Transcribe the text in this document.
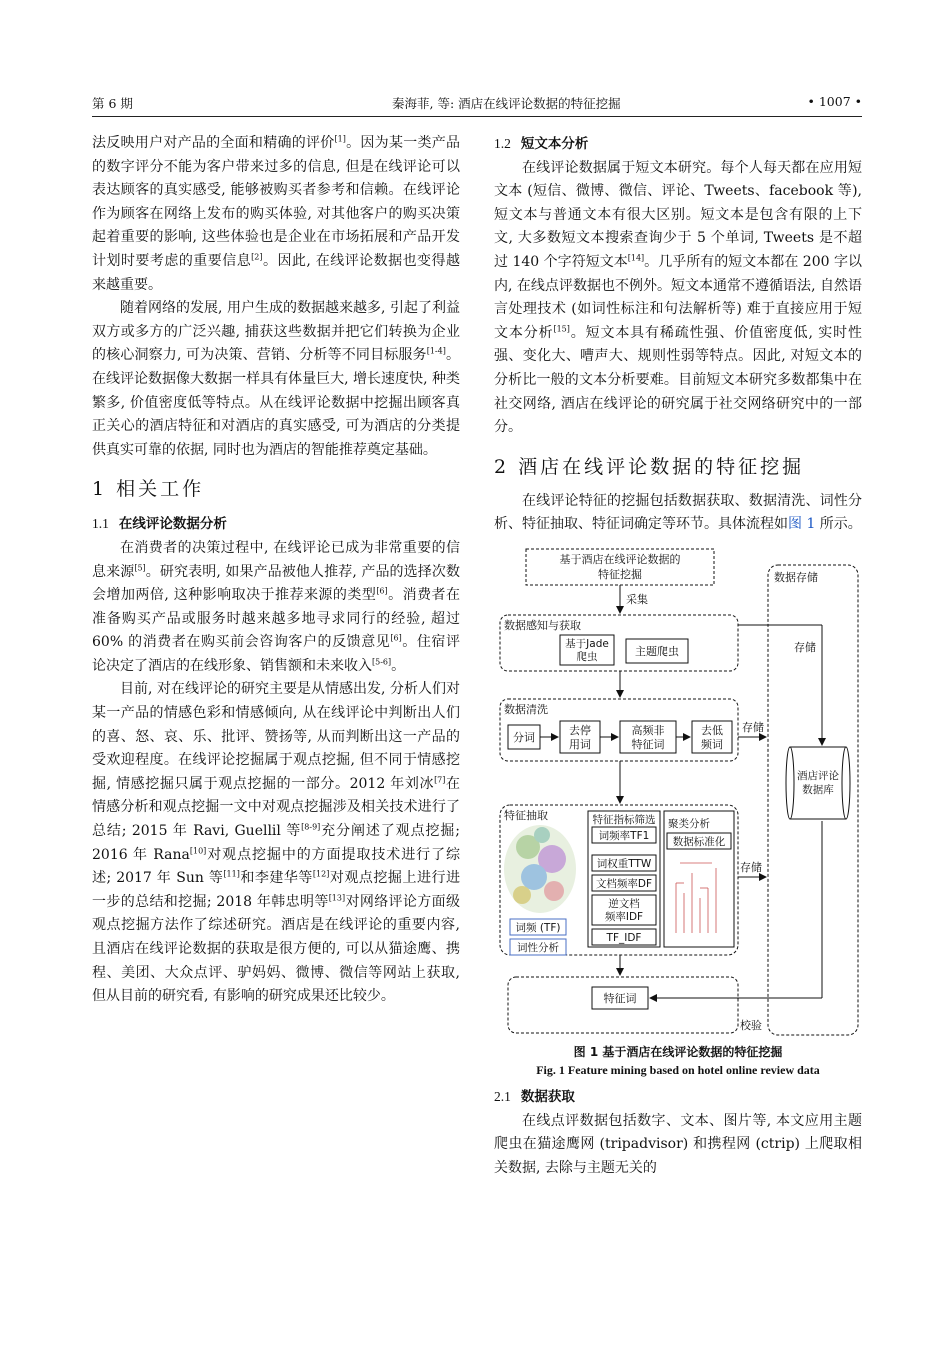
第 6 期	秦海菲, 等: 酒店在线评论数据的特征挖掘	• 1007 •

法反映用户对产品的全面和精确的评价[1]。因为某一类产品的数字评分不能为客户带来过多的信息, 但是在线评论可以表达顾客的真实感受, 能够被购买者参考和信赖。在线评论作为顾客在网络上发布的购买体验, 对其他客户的购买决策起着重要的影响, 这些体验也是企业在市场拓展和产品开发计划时要考虑的重要信息[2]。因此, 在线评论数据也变得越来越重要。

随着网络的发展, 用户生成的数据越来越多, 引起了利益双方或多方的广泛兴趣, 捕获这些数据并把它们转换为企业的核心洞察力, 可为决策、营销、分析等不同目标服务[1-4]。在线评论数据像大数据一样具有体量巨大, 增长速度快, 种类繁多, 价值密度低等特点。从在线评论数据中挖掘出顾客真正关心的酒店特征和对酒店的真实感受, 可为酒店的分类提供真实可靠的依据, 同时也为酒店的智能推荐奠定基础。

1 相关工作
1.1 在线评论数据分析

在消费者的决策过程中, 在线评论已成为非常重要的信息来源[5]。研究表明, 如果产品被他人推荐, 产品的选择次数会增加两倍, 这种影响取决于推荐来源的类型[6]。消费者在准备购买产品或服务时越来越多地寻求同行的经验, 超过 60% 的消费者在购买前会咨询客户的反馈意见[6]。住宿评论决定了酒店的在线形象、销售额和未来收入[5-6]。

目前, 对在线评论的研究主要是从情感出发, 分析人们对某一产品的情感色彩和情感倾向, 从在线评论中判断出人们的喜、怒、哀、乐、批评、赞扬等, 从而判断出这一产品的受欢迎程度。在线评论挖掘属于观点挖掘, 但不同于情感挖掘, 情感挖掘只属于观点挖掘的一部分。2012 年刘冰[7]在情感分析和观点挖掘一文中对观点挖掘涉及相关技术进行了总结; 2015 年 Ravi, Guellil 等[8-9]充分阐述了观点挖掘; 2016 年 Rana[10]对观点挖掘中的方面提取技术进行了综述; 2017 年 Sun 等[11]和李建华等[12]对观点挖掘上进行进一步的总结和挖掘; 2018 年韩忠明等[13]对网络评论方面级观点挖掘方法作了综述研究。酒店是在线评论的重要内容, 且酒店在线评论数据的获取是很方便的, 可以从猫途鹰、携程、美团、大众点评、驴妈妈、微博、微信等网站上获取, 但从目前的研究看, 有影响的研究成果还比较少。

1.2 短文本分析

在线评论数据属于短文本研究。每个人每天都在应用短文本 (短信、微博、微信、评论、Tweets、facebook 等), 短文本与普通文本有很大区别。短文本是包含有限的上下文, 大多数短文本搜索查询少于 5 个单词, Tweets 是不超过 140 个字符短文本[14]。几乎所有的短文本都在 200 字以内, 在线点评数据也不例外。短文本通常不遵循语法, 自然语言处理技术 (如词性标注和句法解析等) 难于直接应用于短文本分析[15]。短文本具有稀疏性强、价值密度低, 实时性强、变化大、嘈声大、规则性弱等特点。因此, 对短文本的分析比一般的文本分析要难。目前短文本研究多数都集中在社交网络, 酒店在线评论的研究属于社交网络研究中的一部分。

2 酒店在线评论数据的特征挖掘

在线评论特征的挖掘包括数据获取、数据清洗、词性分析、特征抽取、特征词确定等环节。具体流程如图 1 所示。

基于酒店在线评论数据的
特征挖掘
采集
数据存储
数据感知与获取
基于Jade
爬虫	主题爬虫	存储
数据清洗
分词
去停
用词
高频非
特征词
去低
频词
存储
特征抽取
词频 (TF)
词性分析
特征指标筛选
词频率TF1
词权重TTW
文档频率DF
逆文档
频率IDF
TF_IDF
聚类分析
数据标准化
存储
酒店评论
数据库
特征词
校验
图 1 基于酒店在线评论数据的特征挖掘
Fig. 1 Feature mining based on hotel online review data
2.1 数据获取

在线点评数据包括数字、文本、图片等, 本文应用主题爬虫在猫途鹰网 (tripadvisor) 和携程网 (ctrip) 上爬取相关数据, 去除与主题无关的
